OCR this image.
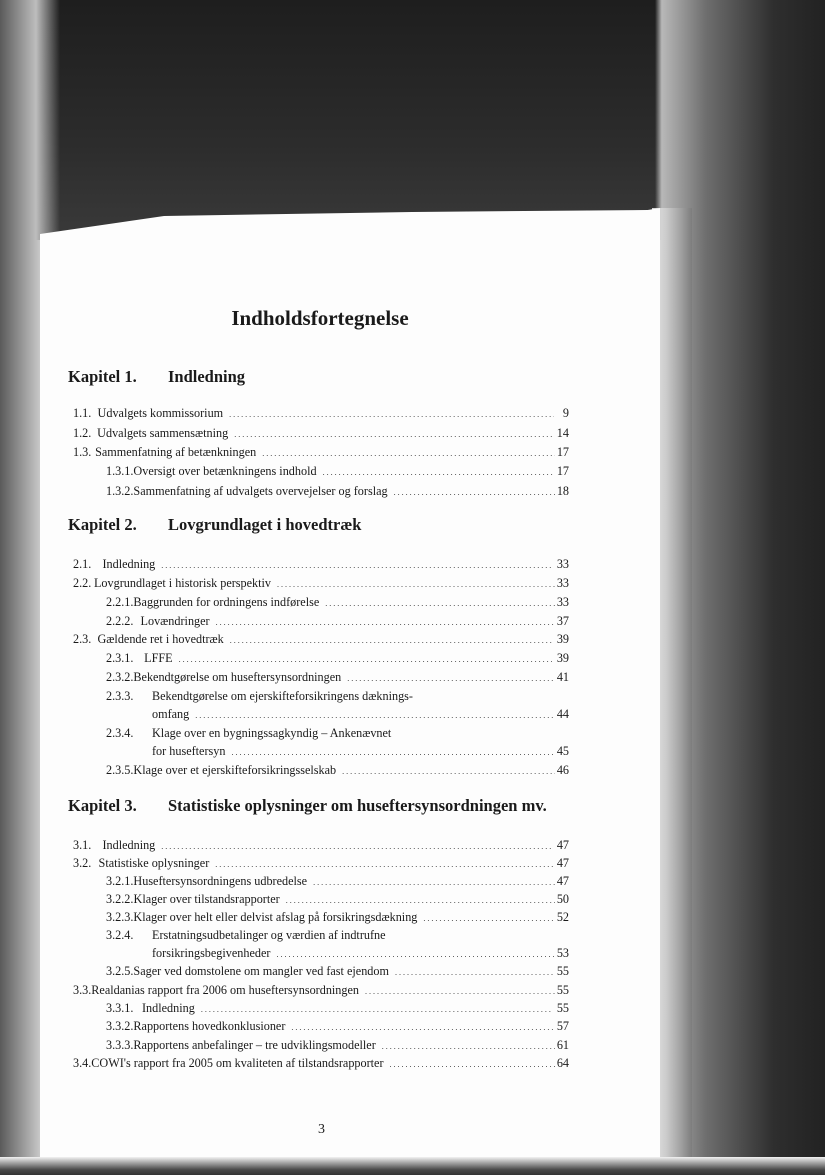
Indholdsfortegnelse
Kapitel 1. Indledning
1.1. Udvalgets kommissorium . . .	9
1.2. Udvalgets sammensætning . . .	14
1.3. Sammenfatning af betænkningen . . .	17
1.3.1. Oversigt over betænkningens indhold . . .	17
1.3.2. Sammenfatning af udvalgets overvejelser og forslag . . .	18
Kapitel 2. Lovgrundlaget i hovedtræk
2.1. Indledning . . .	33
2.2. Lovgrundlaget i historisk perspektiv . . .	33
2.2.1. Baggrunden for ordningens indførelse . . .	33
2.2.2. Lovændringer . . .	37
2.3. Gældende ret i hovedtræk . . .	39
2.3.1. LFFE . . .	39
2.3.2. Bekendtgørelse om huseftersynsordningen . . .	41
2.3.3. Bekendtgørelse om ejerskifteforsikringens dæknings-
omfang . . .	44
2.3.4. Klage over en bygningssagkyndig – Ankenævnet
for huseftersyn . . .	45
2.3.5. Klage over et ejerskifteforsikringsselskab . . .	46
Kapitel 3. Statistiske oplysninger om huseftersynsordningen mv.
3.1. Indledning . . .	47
3.2. Statistiske oplysninger . . .	47
3.2.1. Huseftersynsordningens udbredelse . . .	47
3.2.2. Klager over tilstandsrapporter . . .	50
3.2.3. Klager over helt eller delvist afslag på forsikringsdækning . . .	52
3.2.4. Erstatningsudbetalinger og værdien af indtrufne
forsikringsbegivenheder . . .	53
3.2.5. Sager ved domstolene om mangler ved fast ejendom . . .	55
3.3. Realdanias rapport fra 2006 om huseftersynsordningen . . .	55
3.3.1. Indledning . . .	55
3.3.2. Rapportens hovedkonklusioner . . .	57
3.3.3. Rapportens anbefalinger – tre udviklingsmodeller . . .	61
3.4. COWI's rapport fra 2005 om kvaliteten af tilstandsrapporter . . .	64
3
